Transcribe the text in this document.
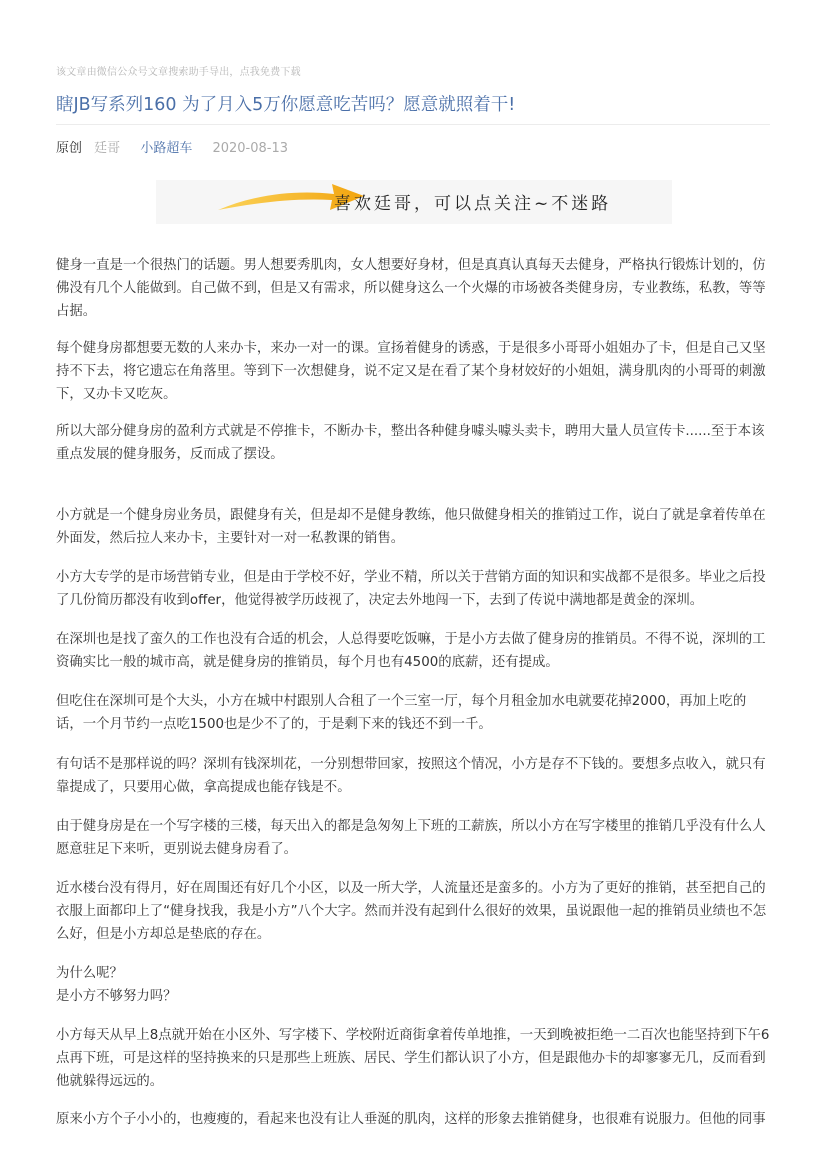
该文章由微信公众号文章搜索助手导出，点我免费下载
瞎JB写系列160 为了月入5万你愿意吃苦吗？愿意就照着干!
原创 廷哥 小路超车 2020-08-13
喜欢廷哥，可以点关注~不迷路

健身一直是一个很热门的话题。男人想要秀肌肉，女人想要好身材，但是真真认真每天去健身，严格执行锻炼计划的，仿佛没有几个人能做到。自己做不到，但是又有需求，所以健身这么一个火爆的市场被各类健身房，专业教练，私教，等等占据。

每个健身房都想要无数的人来办卡，来办一对一的课。宣扬着健身的诱惑，于是很多小哥哥小姐姐办了卡，但是自己又坚持不下去，将它遗忘在角落里。等到下一次想健身，说不定又是在看了某个身材姣好的小姐姐，满身肌肉的小哥哥的刺激下，又办卡又吃灰。

所以大部分健身房的盈利方式就是不停推卡，不断办卡，整出各种健身噱头噱头卖卡，聘用大量人员宣传卡......至于本该重点发展的健身服务，反而成了摆设。

小方就是一个健身房业务员，跟健身有关，但是却不是健身教练，他只做健身相关的推销过工作，说白了就是拿着传单在外面发，然后拉人来办卡，主要针对一对一私教课的销售。

小方大专学的是市场营销专业，但是由于学校不好，学业不精，所以关于营销方面的知识和实战都不是很多。毕业之后投了几份简历都没有收到offer，他觉得被学历歧视了，决定去外地闯一下，去到了传说中满地都是黄金的深圳。

在深圳也是找了蛮久的工作也没有合适的机会，人总得要吃饭嘛，于是小方去做了健身房的推销员。不得不说，深圳的工资确实比一般的城市高，就是健身房的推销员，每个月也有4500的底薪，还有提成。

但吃住在深圳可是个大头，小方在城中村跟别人合租了一个三室一厅，每个月租金加水电就要花掉2000，再加上吃的话，一个月节约一点吃1500也是少不了的，于是剩下来的钱还不到一千。

有句话不是那样说的吗？深圳有钱深圳花，一分别想带回家，按照这个情况，小方是存不下钱的。要想多点收入，就只有靠提成了，只要用心做，拿高提成也能存钱是不。

由于健身房是在一个写字楼的三楼，每天出入的都是急匆匆上下班的工薪族，所以小方在写字楼里的推销几乎没有什么人愿意驻足下来听，更别说去健身房看了。

近水楼台没有得月，好在周围还有好几个小区，以及一所大学，人流量还是蛮多的。小方为了更好的推销，甚至把自己的衣服上面都印上了“健身找我，我是小方”八个大字。然而并没有起到什么很好的效果，虽说跟他一起的推销员业绩也不怎么好，但是小方却总是垫底的存在。

为什么呢？

是小方不够努力吗？

小方每天从早上8点就开始在小区外、写字楼下、学校附近商街拿着传单地推，一天到晚被拒绝一二百次也能坚持到下午6点再下班，可是这样的坚持换来的只是那些上班族、居民、学生们都认识了小方，但是跟他办卡的却寥寥无几，反而看到他就躲得远远的。

原来小方个子小小的，也瘦瘦的，看起来也没有让人垂涎的肌肉，这样的形象去推销健身，也很难有说服力。但他的同事
